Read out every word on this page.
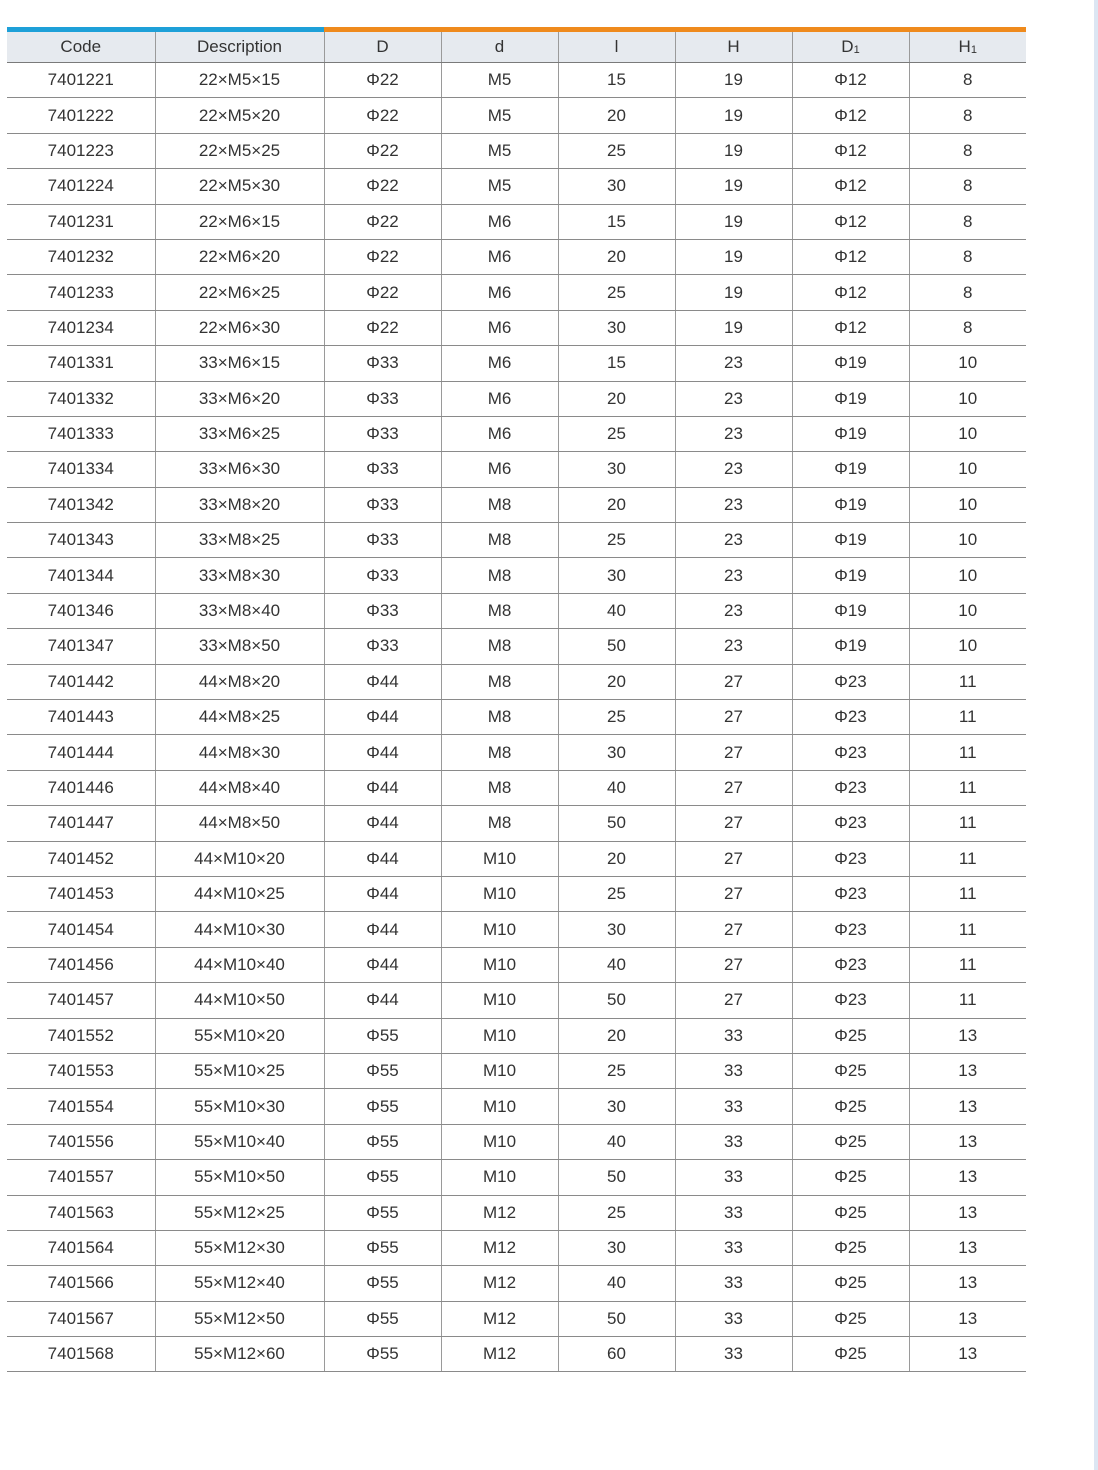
Code	Description	D	d	l	H	$D_1$	$H_1$
7401221	22×M5×15	Φ22	M5	15	19	Φ12	8
7401222	22×M5×20	Φ22	M5	20	19	Φ12	8
7401223	22×M5×25	Φ22	M5	25	19	Φ12	8
7401224	22×M5×30	Φ22	M5	30	19	Φ12	8
7401231	22×M6×15	Φ22	M6	15	19	Φ12	8
7401232	22×M6×20	Φ22	M6	20	19	Φ12	8
7401233	22×M6×25	Φ22	M6	25	19	Φ12	8
7401234	22×M6×30	Φ22	M6	30	19	Φ12	8
7401331	33×M6×15	Φ33	M6	15	23	Φ19	10
7401332	33×M6×20	Φ33	M6	20	23	Φ19	10
7401333	33×M6×25	Φ33	M6	25	23	Φ19	10
7401334	33×M6×30	Φ33	M6	30	23	Φ19	10
7401342	33×M8×20	Φ33	M8	20	23	Φ19	10
7401343	33×M8×25	Φ33	M8	25	23	Φ19	10
7401344	33×M8×30	Φ33	M8	30	23	Φ19	10
7401346	33×M8×40	Φ33	M8	40	23	Φ19	10
7401347	33×M8×50	Φ33	M8	50	23	Φ19	10
7401442	44×M8×20	Φ44	M8	20	27	Φ23	11
7401443	44×M8×25	Φ44	M8	25	27	Φ23	11
7401444	44×M8×30	Φ44	M8	30	27	Φ23	11
7401446	44×M8×40	Φ44	M8	40	27	Φ23	11
7401447	44×M8×50	Φ44	M8	50	27	Φ23	11
7401452	44×M10×20	Φ44	M10	20	27	Φ23	11
7401453	44×M10×25	Φ44	M10	25	27	Φ23	11
7401454	44×M10×30	Φ44	M10	30	27	Φ23	11
7401456	44×M10×40	Φ44	M10	40	27	Φ23	11
7401457	44×M10×50	Φ44	M10	50	27	Φ23	11
7401552	55×M10×20	Φ55	M10	20	33	Φ25	13
7401553	55×M10×25	Φ55	M10	25	33	Φ25	13
7401554	55×M10×30	Φ55	M10	30	33	Φ25	13
7401556	55×M10×40	Φ55	M10	40	33	Φ25	13
7401557	55×M10×50	Φ55	M10	50	33	Φ25	13
7401563	55×M12×25	Φ55	M12	25	33	Φ25	13
7401564	55×M12×30	Φ55	M12	30	33	Φ25	13
7401566	55×M12×40	Φ55	M12	40	33	Φ25	13
7401567	55×M12×50	Φ55	M12	50	33	Φ25	13
7401568	55×M12×60	Φ55	M12	60	33	Φ25	13
